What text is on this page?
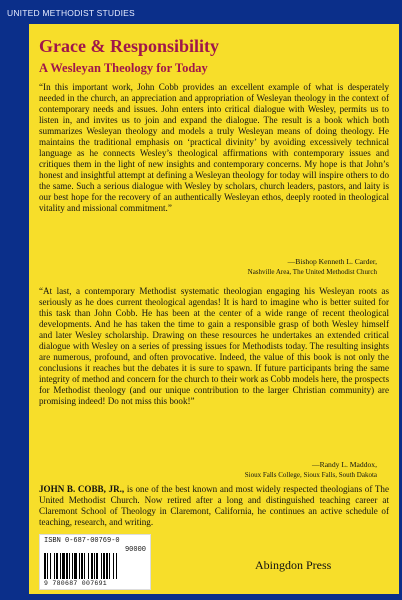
UNITED METHODIST STUDIES
Grace & Responsibility
A Wesleyan Theology for Today

“In this important work, John Cobb provides an excellent example of what is desperately needed in the church, an appreciation and appropriation of Wesleyan theology in the context of contemporary needs and issues. John enters into critical dialogue with Wesley, permits us to listen in, and invites us to join and expand the dialogue. The result is a book which both summarizes Wesleyan theology and models a truly Wesleyan means of doing theology. He maintains the traditional emphasis on ‘practical divinity’ by avoiding excessively technical language as he connects Wesley’s theological affirmations with contemporary issues and critiques them in the light of new insights and contemporary concerns. My hope is that John’s honest and insightful attempt at defining a Wesleyan theology for today will inspire others to do the same. Such a serious dialogue with Wesley by scholars, church leaders, pastors, and laity is our best hope for the recovery of an authentically Wesleyan ethos, deeply rooted in theological vitality and missional commitment.”

—Bishop Kenneth L. Carder,
Nashville Area, The United Methodist Church

“At last, a contemporary Methodist systematic theologian engaging his Wesleyan roots as seriously as he does current theological agendas! It is hard to imagine who is better suited for this task than John Cobb. He has been at the center of a wide range of recent theological developments. And he has taken the time to gain a responsible grasp of both Wesley himself and later Wesley scholarship. Drawing on these resources he undertakes an extended critical dialogue with Wesley on a series of pressing issues for Methodists today. The resulting insights are numerous, profound, and often provocative. Indeed, the value of this book is not only the conclusions it reaches but the debates it is sure to spawn. If future participants bring the same integrity of method and concern for the church to their work as Cobb models here, the prospects for Methodist theology (and our unique contribution to the larger Christian community) are promising indeed! Do not miss this book!”

—Randy L. Maddox,
Sioux Falls College, Sioux Falls, South Dakota

JOHN B. COBB, JR., is one of the best known and most widely respected theologians of The United Methodist Church. Now retired after a long and distinguished teaching career at Claremont School of Theology in Claremont, California, he continues an active schedule of teaching, research, and writing.

ISBN 0-687-00769-0
90000
9 780687 007691
Abingdon Press
